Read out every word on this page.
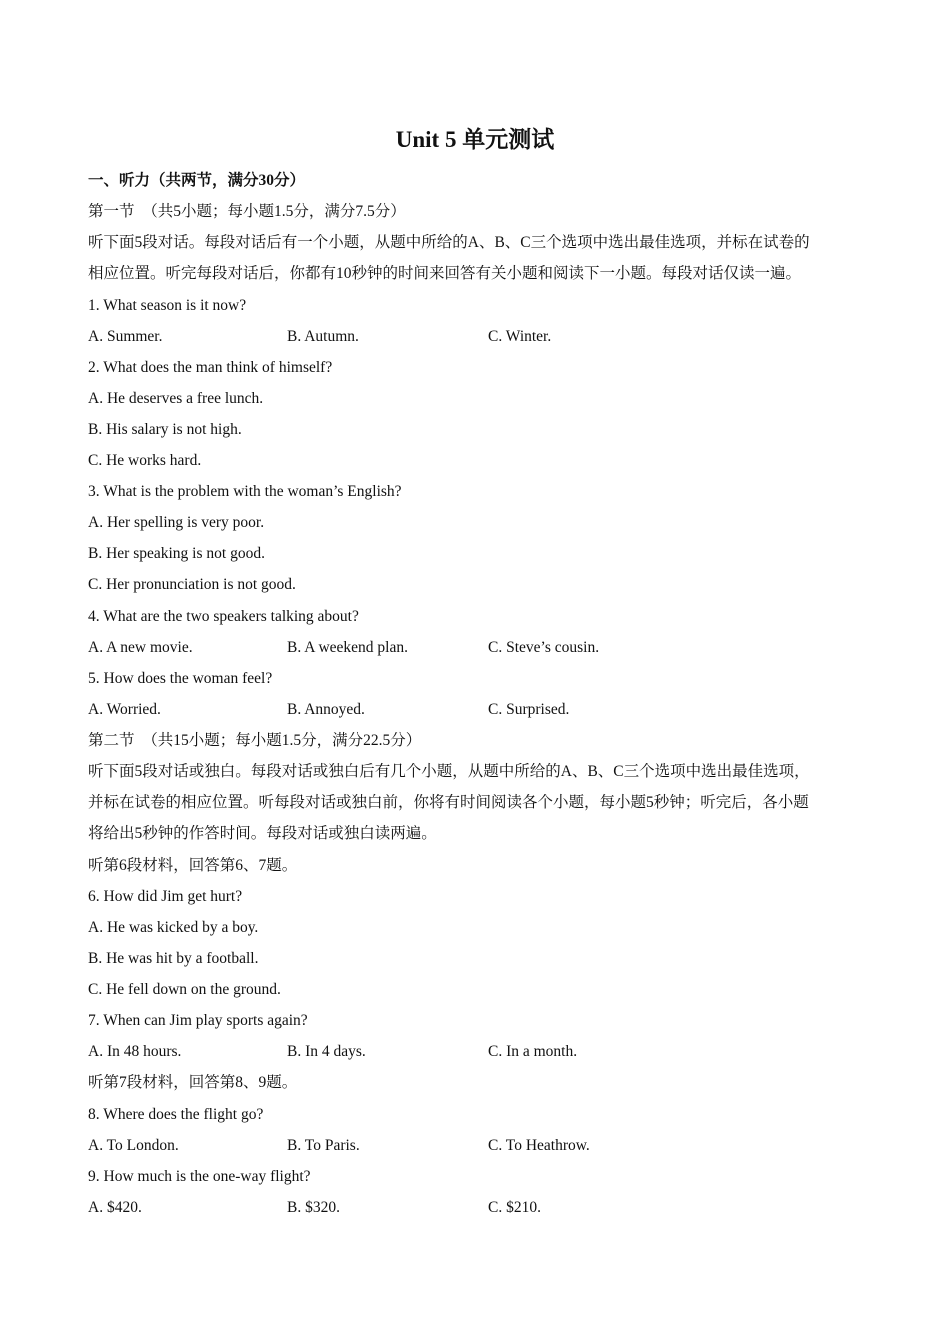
Unit 5 单元测试
一、听力（共两节，满分30分）
第一节　（共5小题；每小题1.5分，满分7.5分）
听下面5段对话。每段对话后有一个小题，从题中所给的A、B、C三个选项中选出最佳选项，并标在试卷的
相应位置。听完每段对话后，你都有10秒钟的时间来回答有关小题和阅读下一小题。每段对话仅读一遍。
1. What season is it now?
A. Summer.	B. Autumn.	C. Winter.
2. What does the man think of himself?
A. He deserves a free lunch.
B. His salary is not high.
C. He works hard.
3. What is the problem with the woman’s English?
A. Her spelling is very poor.
B. Her speaking is not good.
C. Her pronunciation is not good.
4. What are the two speakers talking about?
A. A new movie.	B. A weekend plan.	C. Steve’s cousin.
5. How does the woman feel?
A. Worried.	B. Annoyed.	C. Surprised.
第二节　（共15小题；每小题1.5分，满分22.5分）
听下面5段对话或独白。每段对话或独白后有几个小题，从题中所给的A、B、C三个选项中选出最佳选项，
并标在试卷的相应位置。听每段对话或独白前，你将有时间阅读各个小题，每小题5秒钟；听完后，各小题
将给出5秒钟的作答时间。每段对话或独白读两遍。
听第6段材料，回答第6、7题。
6. How did Jim get hurt?
A. He was kicked by a boy.
B. He was hit by a football.
C. He fell down on the ground.
7. When can Jim play sports again?
A. In 48 hours.	B. In 4 days.	C. In a month.
听第7段材料，回答第8、9题。
8. Where does the flight go?
A. To London.	B. To Paris.	C. To Heathrow.
9. How much is the one-way flight?
A. $420.	B. $320.	C. $210.
